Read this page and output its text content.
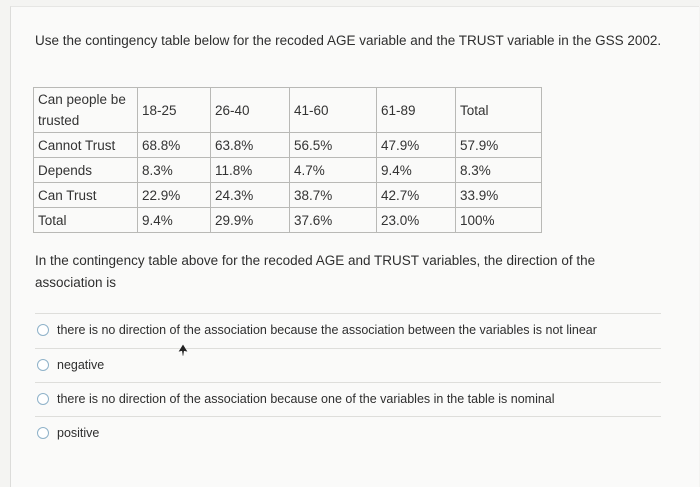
Use the contingency table below for the recoded AGE variable and the TRUST variable in the GSS 2002.
Can people be trusted	18-25	26-40	41-60	61-89	Total
Cannot Trust	68.8%	63.8%	56.5%	47.9%	57.9%
Depends	8.3%	11.8%	4.7%	9.4%	8.3%
Can Trust	22.9%	24.3%	38.7%	42.7%	33.9%
Total	9.4%	29.9%	37.6%	23.0%	100%
In the contingency table above for the recoded AGE and TRUST variables, the direction of the association is
there is no direction of the association because the association between the variables is not linear
negative
there is no direction of the association because one of the variables in the table is nominal
positive
